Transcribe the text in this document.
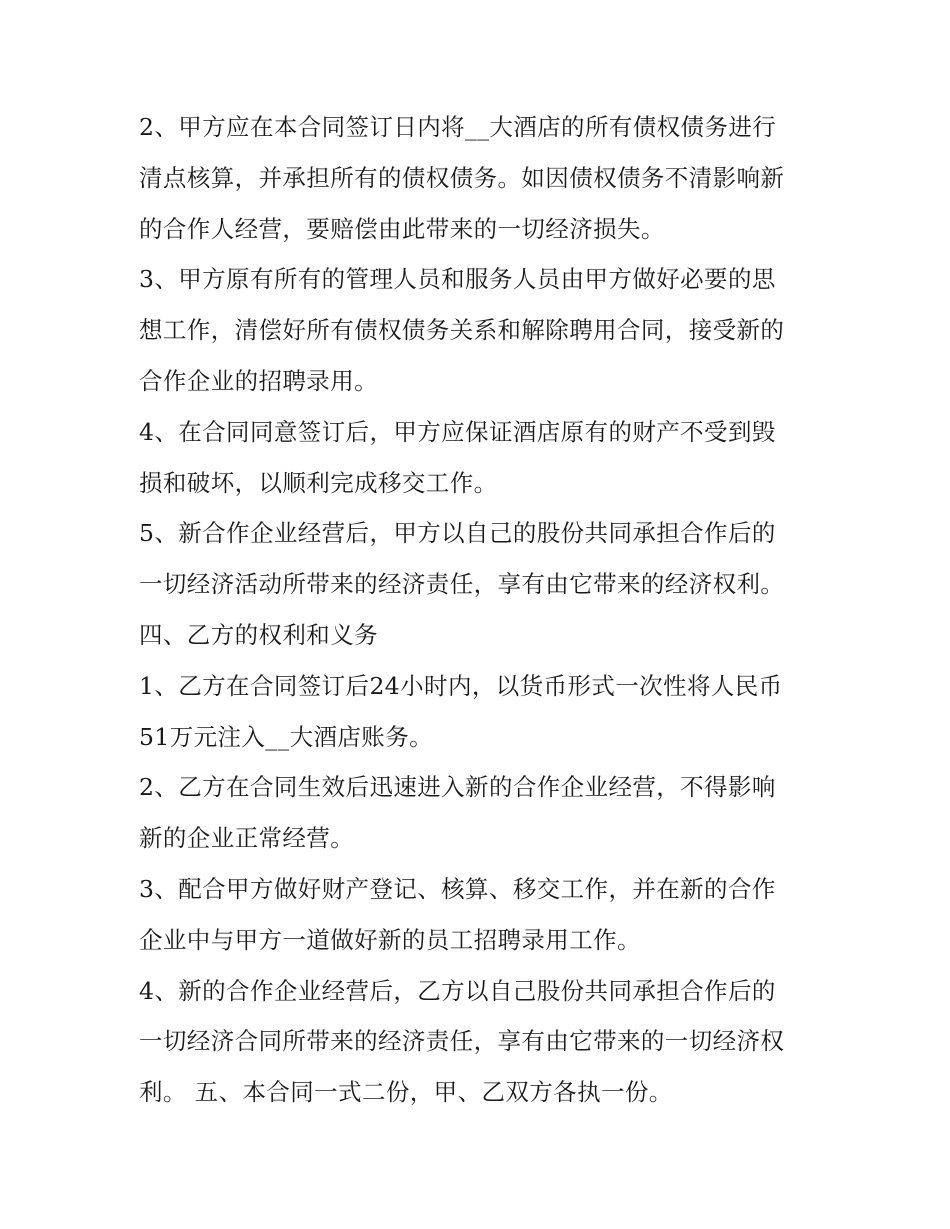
2、甲方应在本合同签订日内将__大酒店的所有债权债务进行
清点核算，并承担所有的债权债务。如因债权债务不清影响新
的合作人经营，要赔偿由此带来的一切经济损失。
3、甲方原有所有的管理人员和服务人员由甲方做好必要的思
想工作，清偿好所有债权债务关系和解除聘用合同，接受新的
合作企业的招聘录用。
4、在合同同意签订后，甲方应保证酒店原有的财产不受到毁
损和破坏，以顺利完成移交工作。
5、新合作企业经营后，甲方以自己的股份共同承担合作后的
一切经济活动所带来的经济责任，享有由它带来的经济权利。
四、乙方的权利和义务
1、乙方在合同签订后24小时内，以货币形式一次性将人民币
51万元注入__大酒店账务。
2、乙方在合同生效后迅速进入新的合作企业经营，不得影响
新的企业正常经营。
3、配合甲方做好财产登记、核算、移交工作，并在新的合作
企业中与甲方一道做好新的员工招聘录用工作。
4、新的合作企业经营后，乙方以自己股份共同承担合作后的
一切经济合同所带来的经济责任，享有由它带来的一切经济权
利。 五、本合同一式二份，甲、乙双方各执一份。
